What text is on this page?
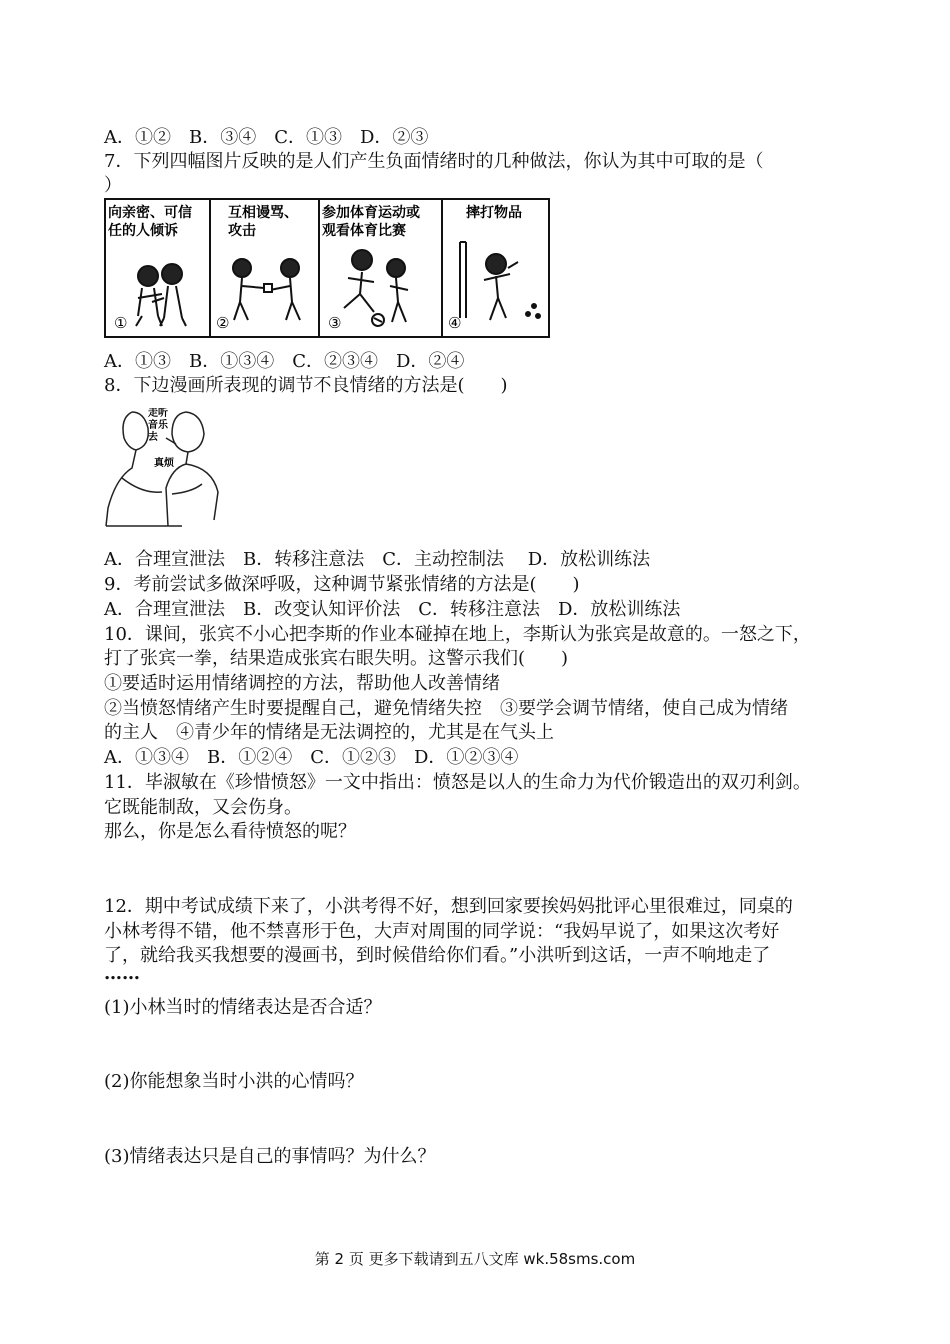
A．①②　B．③④　C．①③　D．②③
7．下列四幅图片反映的是人们产生负面情绪时的几种做法，你认为其中可取的是（
）
向亲密、可信
任的人倾诉
①
互相谩骂、
攻击
②
参加体育运动或
观看体育比赛
③
摔打物品
④
A．①③　B．①③④　C．②③④　D．②④
8．下边漫画所表现的调节不良情绪的方法是(　　)
走听
音乐
去
真烦
A．合理宣泄法　B．转移注意法　C．主动控制法　 D．放松训练法
9．考前尝试多做深呼吸，这种调节紧张情绪的方法是(　　)
A．合理宣泄法　B．改变认知评价法　C．转移注意法　D．放松训练法
10．课间，张宾不小心把李斯的作业本碰掉在地上，李斯认为张宾是故意的。一怒之下，
打了张宾一拳，结果造成张宾右眼失明。这警示我们(　　)
①要适时运用情绪调控的方法，帮助他人改善情绪
②当愤怒情绪产生时要提醒自己，避免情绪失控　③要学会调节情绪，使自己成为情绪
的主人　④青少年的情绪是无法调控的，尤其是在气头上
A．①③④　B．①②④　C．①②③　D．①②③④
11．毕淑敏在《珍惜愤怒》一文中指出：愤怒是以人的生命力为代价锻造出的双刃利剑。
它既能制敌，又会伤身。
那么，你是怎么看待愤怒的呢？
12．期中考试成绩下来了，小洪考得不好，想到回家要挨妈妈批评心里很难过，同桌的
小林考得不错，他不禁喜形于色，大声对周围的同学说：“我妈早说了，如果这次考好
了，就给我买我想要的漫画书，到时候借给你们看。”小洪听到这话，一声不响地走了
……
(1)小林当时的情绪表达是否合适？
(2)你能想象当时小洪的心情吗？
(3)情绪表达只是自己的事情吗？为什么？
第 2 页 更多下载请到五八文库 wk.58sms.com
